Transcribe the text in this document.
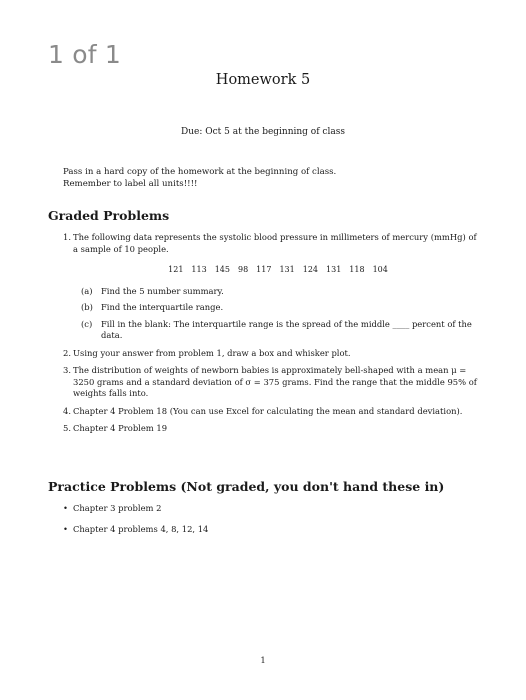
1 of 1
Homework 5
Due: Oct 5 at the beginning of class
Pass in a hard copy of the homework at the beginning of class.
Remember to label all units!!!!
Graded Problems
1. The following data represents the systolic blood pressure in millimeters of mercury (mmHg) of a sample of 10 people.
121 113 145 98 117 131 124 131 118 104
(a) Find the 5 number summary.
(b) Find the interquartile range.
(c) Fill in the blank: The interquartile range is the spread of the middle ____ percent of the data.
2. Using your answer from problem 1, draw a box and whisker plot.
3. The distribution of weights of newborn babies is approximately bell-shaped with a mean μ = 3250 grams and a standard deviation of σ = 375 grams. Find the range that the middle 95% of weights falls into.
4. Chapter 4 Problem 18 (You can use Excel for calculating the mean and standard deviation).
5. Chapter 4 Problem 19
Practice Problems (Not graded, you don't hand these in)
• Chapter 3 problem 2
• Chapter 4 problems 4, 8, 12, 14
1
